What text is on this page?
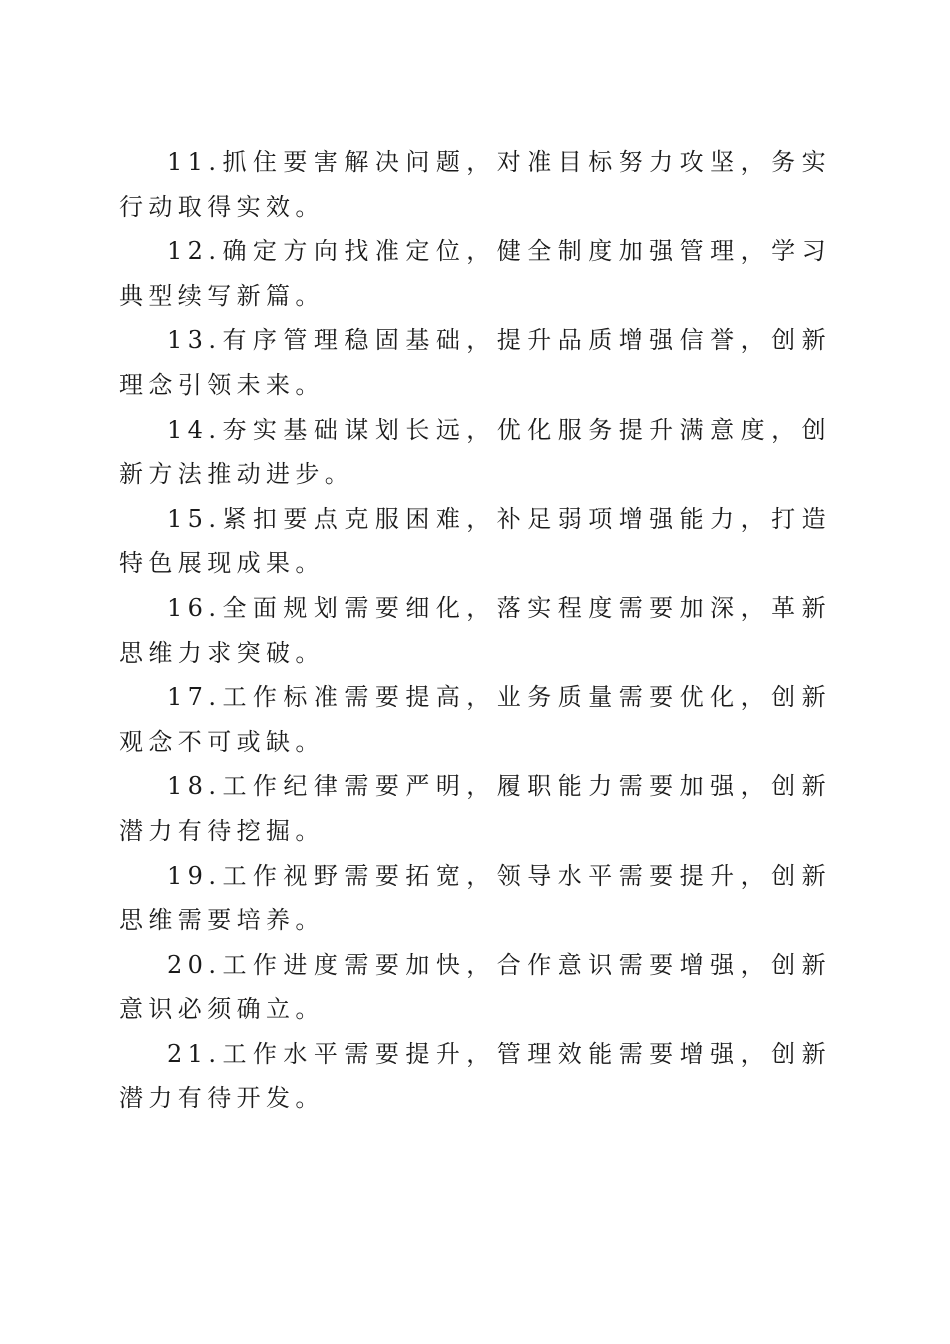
11.抓住要害解决问题，对准目标努力攻坚，务实行动取得实效。

12.确定方向找准定位，健全制度加强管理，学习典型续写新篇。

13.有序管理稳固基础，提升品质增强信誉，创新理念引领未来。

14.夯实基础谋划长远，优化服务提升满意度，创新方法推动进步。

15.紧扣要点克服困难，补足弱项增强能力，打造特色展现成果。

16.全面规划需要细化，落实程度需要加深，革新思维力求突破。

17.工作标准需要提高，业务质量需要优化，创新观念不可或缺。

18.工作纪律需要严明，履职能力需要加强，创新潜力有待挖掘。

19.工作视野需要拓宽，领导水平需要提升，创新思维需要培养。

20.工作进度需要加快，合作意识需要增强，创新意识必须确立。

21.工作水平需要提升，管理效能需要增强，创新潜力有待开发。
